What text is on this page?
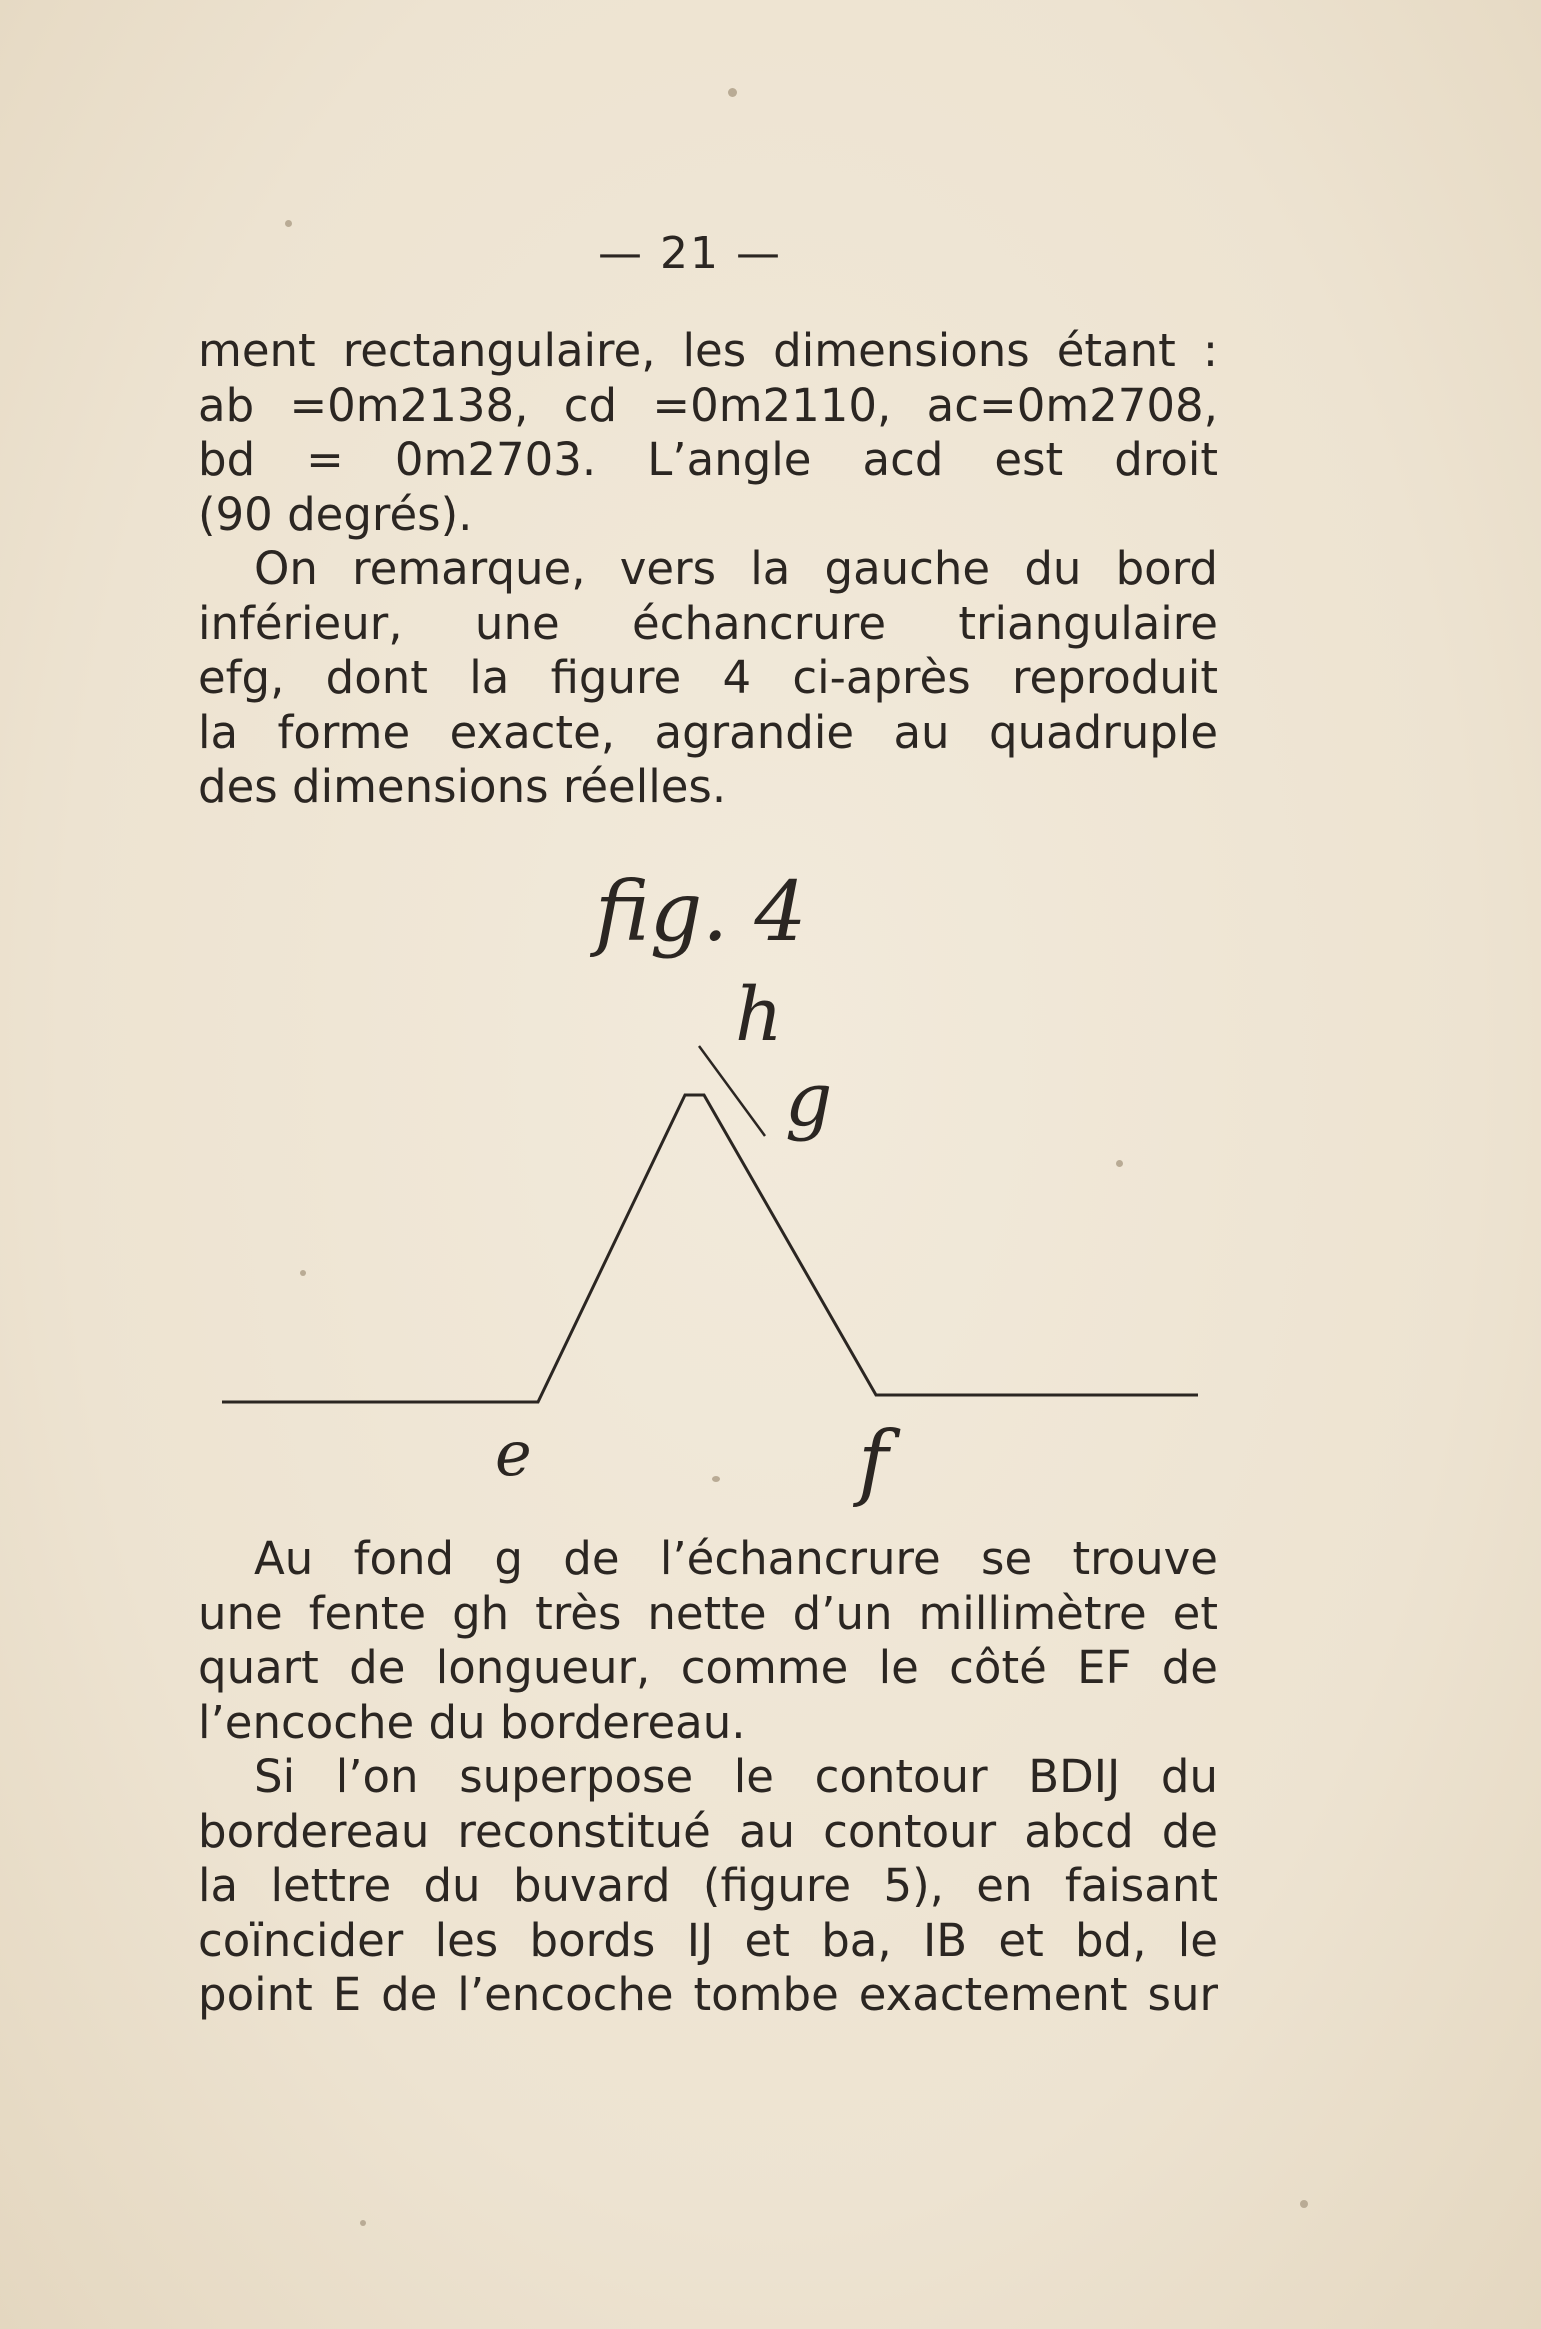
— 21 —
ment rectangulaire, les dimensions étant :
ab =0m2138, cd =0m2110, ac=0m2708,
bd = 0m2703. L’angle acd est droit
(90 degrés).
On remarque, vers la gauche du bord
inférieur, une échancrure triangulaire
efg, dont la figure 4 ci-après reproduit
la forme exacte, agrandie au quadruple
des dimensions réelles.
fig. 4
h
g
e	f
Au fond g de l’échancrure se trouve
une fente gh très nette d’un millimètre et
quart de longueur, comme le côté EF de
l’encoche du bordereau.
Si l’on superpose le contour BDIJ du
bordereau reconstitué au contour abcd de
la lettre du buvard (figure 5), en faisant
coïncider les bords IJ et ba, IB et bd, le
point E de l’encoche tombe exactement sur
